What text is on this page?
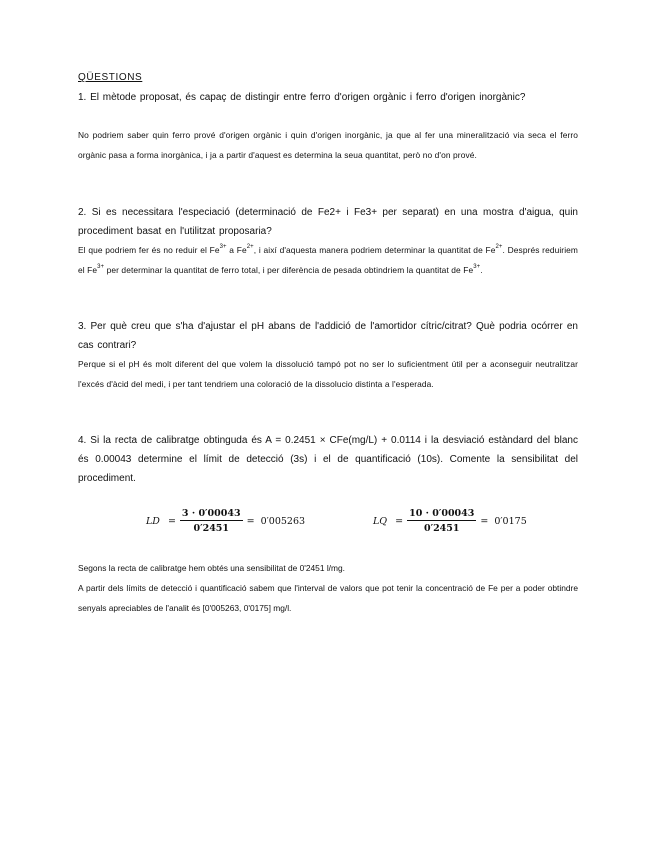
QÜESTIONS
1. El mètode proposat, és capaç de distingir entre ferro d'origen orgànic i ferro d'origen inorgànic?
No podriem saber quin ferro prové d'origen orgànic i quin d'origen inorgànic, ja que al fer una mineralització via seca el ferro orgànic pasa a forma inorgànica, i ja a partir d'aquest es determina la seua quantitat, però no d'on prové.
2. Si es necessitara l'especiació (determinació de Fe2+ i Fe3+ per separat) en una mostra d'aigua, quin procediment basat en l'utilitzat proposaria?
El que podriem fer és no reduir el $Fe^{3+}$ a $Fe^{2+}$, i així d'aquesta manera podriem determinar la quantitat de $Fe^{2+}$. Després reduiriem el $Fe^{3+}$ per determinar la quantitat de ferro total, i per diferència de pesada obtindriem la quantitat de $Fe^{3+}$.
3. Per què creu que s'ha d'ajustar el pH abans de l'addició de l'amortidor cítric/citrat? Què podria ocórrer en cas contrari?
Perque si el pH és molt diferent del que volem la dissolució tampó pot no ser lo suficientment útil per a aconseguir neutralitzar l'excés d'àcid del medi, i per tant tendriem una coloració de la dissolucio distinta a l'esperada.
4. Si la recta de calibratge obtinguda és A = 0.2451 × CFe(mg/L) + 0.0114 i la desviació estàndard del blanc és 0.00043 determine el límit de detecció (3s) i el de quantificació (10s). Comente la sensibilitat del procediment.
LD = $\frac{3 \cdot 0'00043}{0'2451} = 0'005263$	LQ = $\frac{10 \cdot 0'00043}{0'2451} = 0'0175$
Segons la recta de calibratge hem obtés una sensibilitat de 0'2451 l/mg.
A partir dels límits de detecció i quantificació sabem que l'interval de valors que pot tenir la concentració de Fe per a poder obtindre senyals apreciables de l'analit és [0'005263, 0'0175] mg/l.
